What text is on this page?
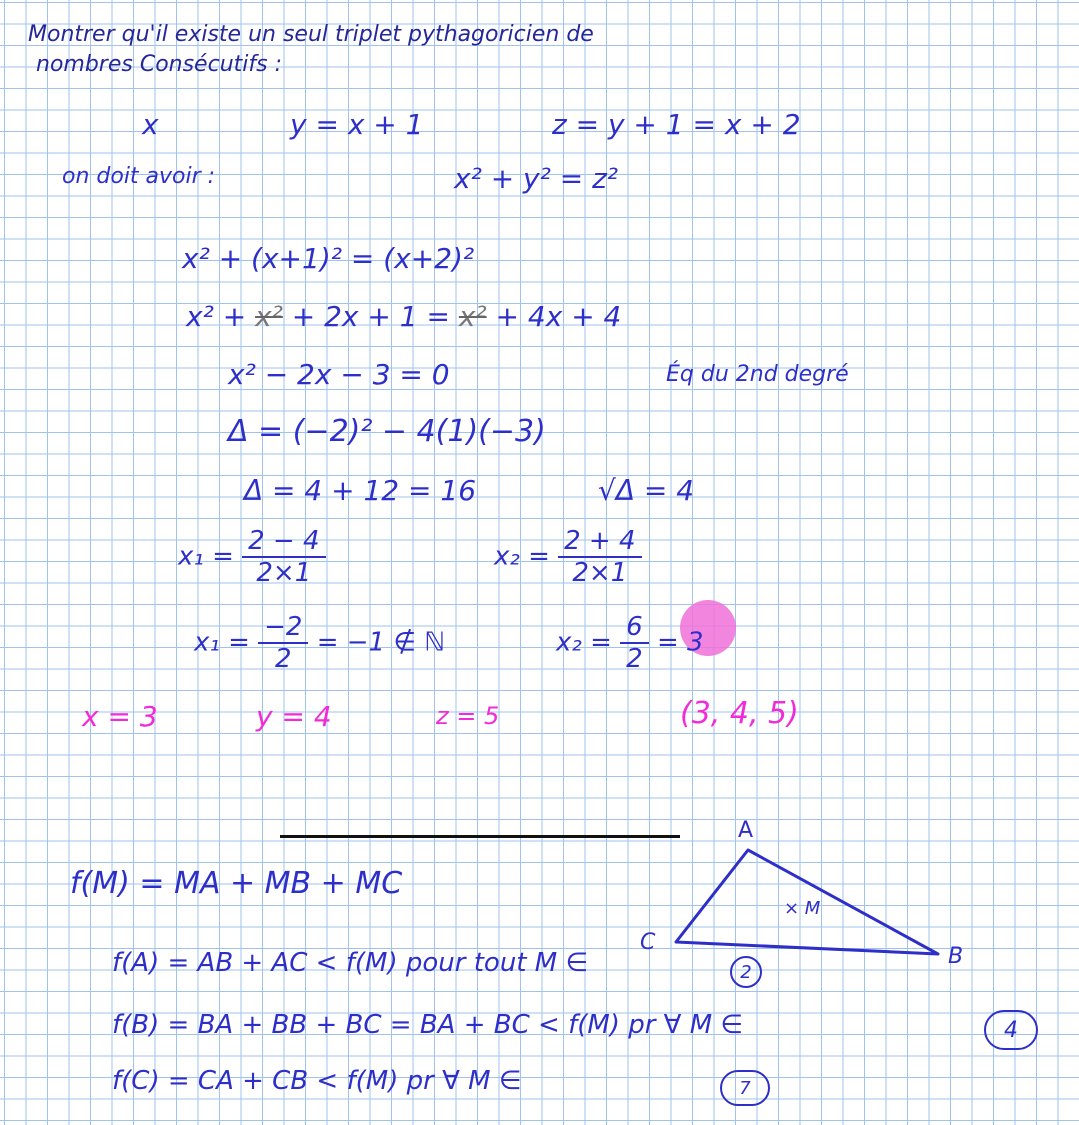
Montrer qu'il existe un seul triplet pythagoricien de
nombres Consécutifs :
x	y = x + 1	z = y + 1 = x + 2
on doit avoir :	x² + y² = z²
x² + (x+1)² = (x+2)²
x² + x² + 2x + 1 = x² + 4x + 4
x² − 2x − 3 = 0	Éq du 2nd degré
Δ = (−2)² − 4(1)(−3)
Δ = 4 + 12 = 16	√Δ = 4
$x_1 = \frac{2 - 4}{2\times 1}$	$x_2 = \frac{2 + 4}{2\times 1}$
$x_1 = \frac{-2}{2} = -1$ ∉ ℕ	$x_2 = \frac{6}{2} = 3$
x = 3	y = 4	z = 5	(3, 4, 5)
A
B
C
× M
f(M) = MA + MB + MC
f(A) = AB + AC < f(M) pour tout M ∈	2
f(B) = BA + BB + BC = BA + BC < f(M) pr ∀ M ∈	4
f(C) = CA + CB < f(M) pr ∀ M ∈	7
